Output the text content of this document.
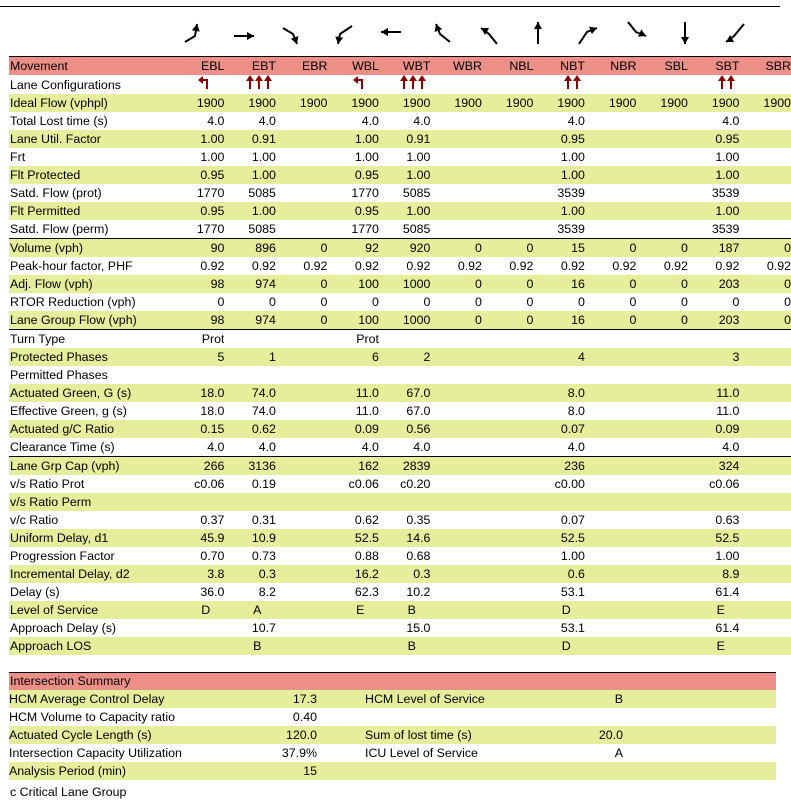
Movement	EBL	EBT	EBR	WBL	WBT	WBR	NBL	NBT	NBR	SBL	SBT	SBR
Lane Configurations												
Ideal Flow (vphpl)	1900	1900	1900	1900	1900	1900	1900	1900	1900	1900	1900	1900
Total Lost time (s)	4.0	4.0		4.0	4.0			4.0			4.0	
Lane Util. Factor	1.00	0.91		1.00	0.91			0.95			0.95	
Frt	1.00	1.00		1.00	1.00			1.00			1.00	
Flt Protected	0.95	1.00		0.95	1.00			1.00			1.00	
Satd. Flow (prot)	1770	5085		1770	5085			3539			3539	
Flt Permitted	0.95	1.00		0.95	1.00			1.00			1.00	
Satd. Flow (perm)	1770	5085		1770	5085			3539			3539	
Volume (vph)	90	896	0	92	920	0	0	15	0	0	187	0
Peak-hour factor, PHF	0.92	0.92	0.92	0.92	0.92	0.92	0.92	0.92	0.92	0.92	0.92	0.92
Adj. Flow (vph)	98	974	0	100	1000	0	0	16	0	0	203	0
RTOR Reduction (vph)	0	0	0	0	0	0	0	0	0	0	0	0
Lane Group Flow (vph)	98	974	0	100	1000	0	0	16	0	0	203	0
Turn Type	Prot			Prot								
Protected Phases	5	1		6	2			4			3	
Permitted Phases												
Actuated Green, G (s)	18.0	74.0		11.0	67.0			8.0			11.0	
Effective Green, g (s)	18.0	74.0		11.0	67.0			8.0			11.0	
Actuated g/C Ratio	0.15	0.62		0.09	0.56			0.07			0.09	
Clearance Time (s)	4.0	4.0		4.0	4.0			4.0			4.0	
Lane Grp Cap (vph)	266	3136		162	2839			236			324	
v/s Ratio Prot	c0.06	0.19		c0.06	c0.20			c0.00			c0.06	
v/s Ratio Perm												
v/c Ratio	0.37	0.31		0.62	0.35			0.07			0.63	
Uniform Delay, d1	45.9	10.9		52.5	14.6			52.5			52.5	
Progression Factor	0.70	0.73		0.88	0.68			1.00			1.00	
Incremental Delay, d2	3.8	0.3		16.2	0.3			0.6			8.9	
Delay (s)	36.0	8.2		62.3	10.2			53.1			61.4	
Level of Service	D	A		E	B			D			E	
Approach Delay (s)		10.7			15.0			53.1			61.4	
Approach LOS		B			B			D			E	
Intersection Summary
HCM Average Control Delay	17.3		HCM Level of Service	B	
HCM Volume to Capacity ratio	0.40				
Actuated Cycle Length (s)	120.0		Sum of lost time (s)	20.0	
Intersection Capacity Utilization	37.9%		ICU Level of Service	A	
Analysis Period (min)	15				
c Critical Lane Group
